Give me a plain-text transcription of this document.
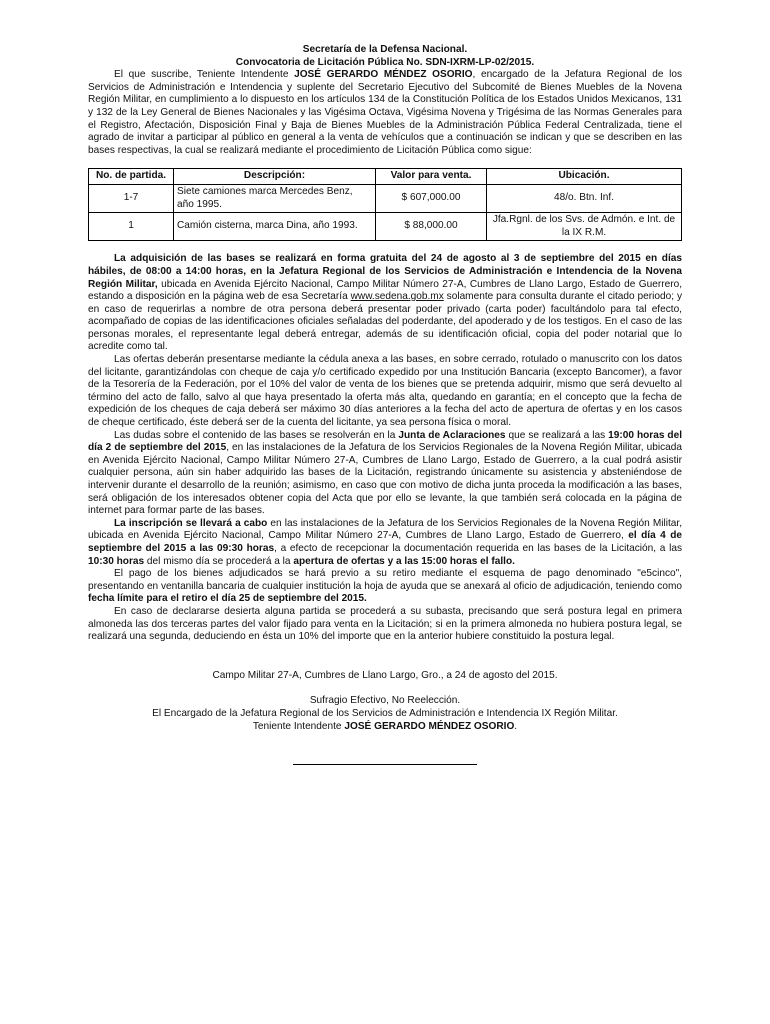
Secretaría de la Defensa Nacional.
Convocatoria de Licitación Pública No. SDN-IXRM-LP-02/2015.

El que suscribe, Teniente Intendente JOSÉ GERARDO MÉNDEZ OSORIO, encargado de la Jefatura Regional de los Servicios de Administración e Intendencia y suplente del Secretario Ejecutivo del Subcomité de Bienes Muebles de la Novena Región Militar, en cumplimiento a lo dispuesto en los artículos 134 de la Constitución Política de los Estados Unidos Mexicanos, 131 y 132 de la Ley General de Bienes Nacionales y las Vigésima Octava, Vigésima Novena y Trigésima de las Normas Generales para el Registro, Afectación, Disposición Final y Baja de Bienes Muebles de la Administración Pública Federal Centralizada, tiene el agrado de invitar a participar al público en general a la venta de vehículos que a continuación se indican y que se describen en las bases respectivas, la cual se realizará mediante el procedimiento de Licitación Pública como sigue:

No. de partida.	Descripción:	Valor para venta.	Ubicación.
1-7	Siete camiones marca Mercedes Benz, año 1995.	$ 607,000.00	48/o. Btn. Inf.
1	Camión cisterna, marca Dina, año 1993.	$ 88,000.00	Jfa.Rgnl. de los Svs. de Admón. e Int. de la IX R.M.

La adquisición de las bases se realizará en forma gratuita del 24 de agosto al 3 de septiembre del 2015 en días hábiles, de 08:00 a 14:00 horas, en la Jefatura Regional de los Servicios de Administración e Intendencia de la Novena Región Militar, ubicada en Avenida Ejército Nacional, Campo Militar Número 27-A, Cumbres de Llano Largo, Estado de Guerrero, estando a disposición en la página web de esa Secretaría www.sedena.gob.mx solamente para consulta durante el citado periodo; y en caso de requerirlas a nombre de otra persona deberá presentar poder privado (carta poder) facultándolo para tal efecto, acompañado de copias de las identificaciones oficiales señaladas del poderdante, del apoderado y de los testigos. En el caso de las personas morales, el representante legal deberá entregar, además de su identificación oficial, copia del poder notarial que lo acredite como tal.

Las ofertas deberán presentarse mediante la cédula anexa a las bases, en sobre cerrado, rotulado o manuscrito con los datos del licitante, garantizándolas con cheque de caja y/o certificado expedido por una Institución Bancaria (excepto Bancomer), a favor de la Tesorería de la Federación, por el 10% del valor de venta de los bienes que se pretenda adquirir, mismo que será devuelto al término del acto de fallo, salvo al que haya presentado la oferta más alta, quedando en garantía; en el concepto que la fecha de expedición de los cheques de caja deberá ser máximo 30 días anteriores a la fecha del acto de apertura de ofertas y en los casos de cheque certificado, éste deberá ser de la cuenta del licitante, ya sea persona física o moral.

Las dudas sobre el contenido de las bases se resolverán en la Junta de Aclaraciones que se realizará a las 19:00 horas del día 2 de septiembre del 2015, en las instalaciones de la Jefatura de los Servicios Regionales de la Novena Región Militar, ubicada en Avenida Ejército Nacional, Campo Militar Número 27-A, Cumbres de Llano Largo, Estado de Guerrero, a la cual podrá asistir cualquier persona, aún sin haber adquirido las bases de la Licitación, registrando únicamente su asistencia y absteniéndose de intervenir durante el desarrollo de la reunión; asimismo, en caso que con motivo de dicha junta proceda la modificación a las bases, será obligación de los interesados obtener copia del Acta que por ello se levante, la que también será colocada en la página de internet para formar parte de las bases.

La inscripción se llevará a cabo en las instalaciones de la Jefatura de los Servicios Regionales de la Novena Región Militar, ubicada en Avenida Ejército Nacional, Campo Militar Número 27-A, Cumbres de Llano Largo, Estado de Guerrero, el día 4 de septiembre del 2015 a las 09:30 horas, a efecto de recepcionar la documentación requerida en las bases de la Licitación, a las 10:30 horas del mismo día se procederá a la apertura de ofertas y a las 15:00 horas el fallo.

El pago de los bienes adjudicados se hará previo a su retiro mediante el esquema de pago denominado "e5cinco", presentando en ventanilla bancaria de cualquier institución la hoja de ayuda que se anexará al oficio de adjudicación, teniendo como fecha límite para el retiro el día 25 de septiembre del 2015.

En caso de declararse desierta alguna partida se procederá a su subasta, precisando que será postura legal en primera almoneda las dos terceras partes del valor fijado para venta en la Licitación; si en la primera almoneda no hubiera postura legal, se realizará una segunda, deduciendo en ésta un 10% del importe que en la anterior hubiere constituido la postura legal.

Campo Militar 27-A, Cumbres de Llano Largo, Gro., a 24 de agosto del 2015.
Sufragio Efectivo, No Reelección.
El Encargado de la Jefatura Regional de los Servicios de Administración e Intendencia IX Región Militar.
Teniente Intendente JOSÉ GERARDO MÉNDEZ OSORIO.
